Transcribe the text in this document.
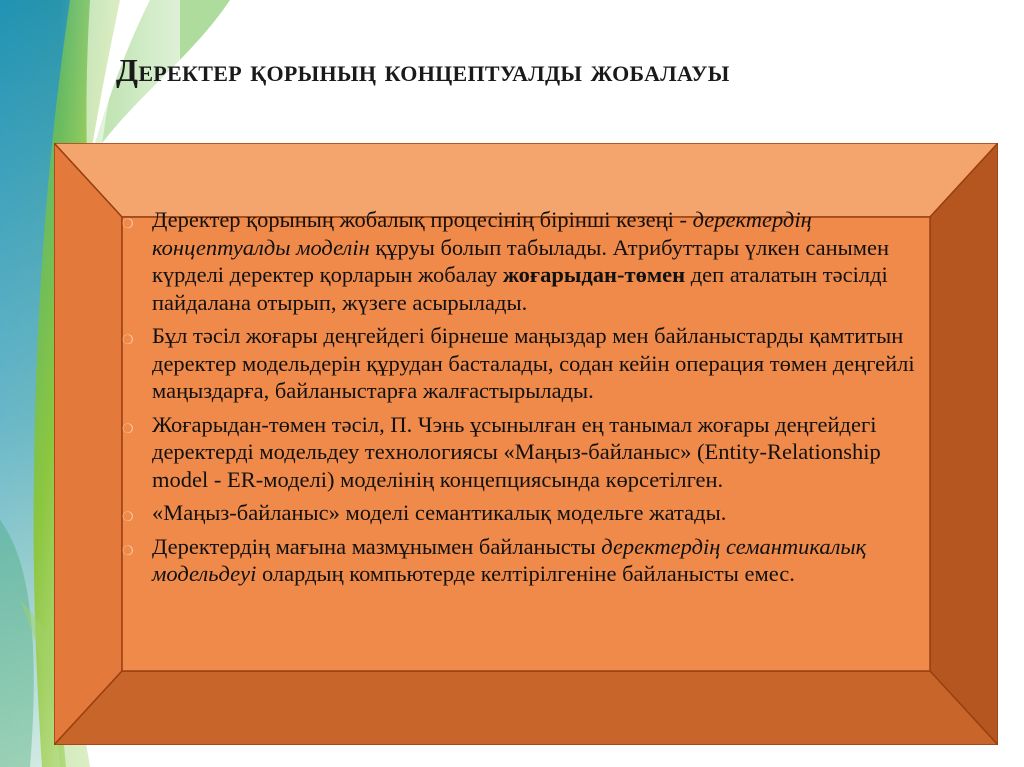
Деректер қорының концептуалды жобалауы
❍ Деректер қорының жобалық процесінің бірінші кезеңі - деректердің концептуалды моделін құруы болып табылады. Атрибуттары үлкен санымен күрделі деректер қорларын жобалау жоғарыдан-төмен деп аталатын тәсілді пайдалана отырып, жүзеге асырылады.
❍ Бұл тәсіл жоғары деңгейдегі бірнеше маңыздар мен байланыстарды қамтитын деректер модельдерін құрудан басталады, содан кейін операция төмен деңгейлі маңыздарға, байланыстарға жалғастырылады.
❍ Жоғарыдан-төмен тәсіл, П. Чэнь ұсынылған ең танымал жоғары деңгейдегі деректерді модельдеу технологиясы «Маңыз-байланыс» (Entity-Relationship model - ER-моделі) моделінің концепциясында көрсетілген.
❍ «Маңыз-байланыс» моделі семантикалық модельге жатады.
❍ Деректердің мағына мазмұнымен байланысты деректердің семантикалық модельдеуі олардың компьютерде келтірілгеніне байланысты емес.
